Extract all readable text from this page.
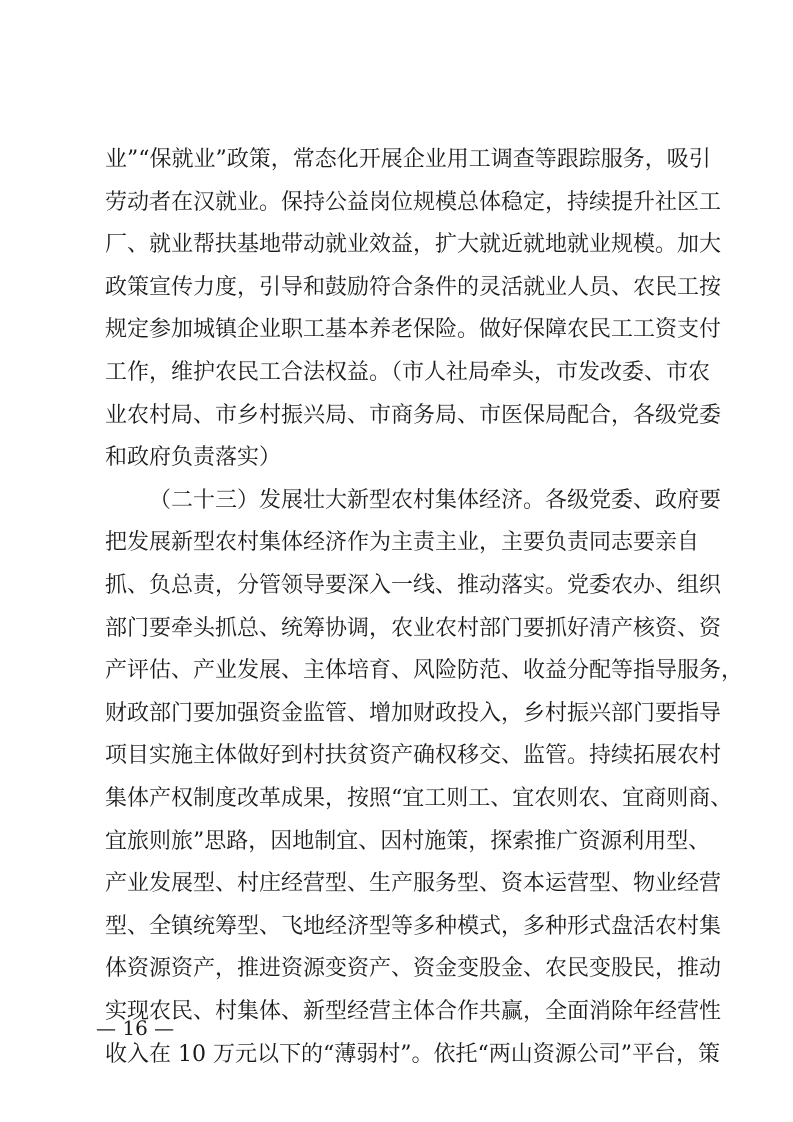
业”“保就业”政策，常态化开展企业用工调查等跟踪服务，吸引
劳动者在汉就业。保持公益岗位规模总体稳定，持续提升社区工
厂、就业帮扶基地带动就业效益，扩大就近就地就业规模。加大
政策宣传力度，引导和鼓励符合条件的灵活就业人员、农民工按
规定参加城镇企业职工基本养老保险。做好保障农民工工资支付
工作，维护农民工合法权益。（市人社局牵头，市发改委、市农
业农村局、市乡村振兴局、市商务局、市医保局配合，各级党委
和政府负责落实）
（二十三）发展壮大新型农村集体经济。各级党委、政府要
把发展新型农村集体经济作为主责主业，主要负责同志要亲自
抓、负总责，分管领导要深入一线、推动落实。党委农办、组织
部门要牵头抓总、统筹协调，农业农村部门要抓好清产核资、资
产评估、产业发展、主体培育、风险防范、收益分配等指导服务，
财政部门要加强资金监管、增加财政投入，乡村振兴部门要指导
项目实施主体做好到村扶贫资产确权移交、监管。持续拓展农村
集体产权制度改革成果，按照“宜工则工、宜农则农、宜商则商、
宜旅则旅”思路，因地制宜、因村施策，探索推广资源利用型、
产业发展型、村庄经营型、生产服务型、资本运营型、物业经营
型、全镇统筹型、飞地经济型等多种模式，多种形式盘活农村集
体资源资产，推进资源变资产、资金变股金、农民变股民，推动
实现农民、村集体、新型经营主体合作共赢，全面消除年经营性
收入在 10 万元以下的“薄弱村”。依托“两山资源公司”平台，策
— 16 —
